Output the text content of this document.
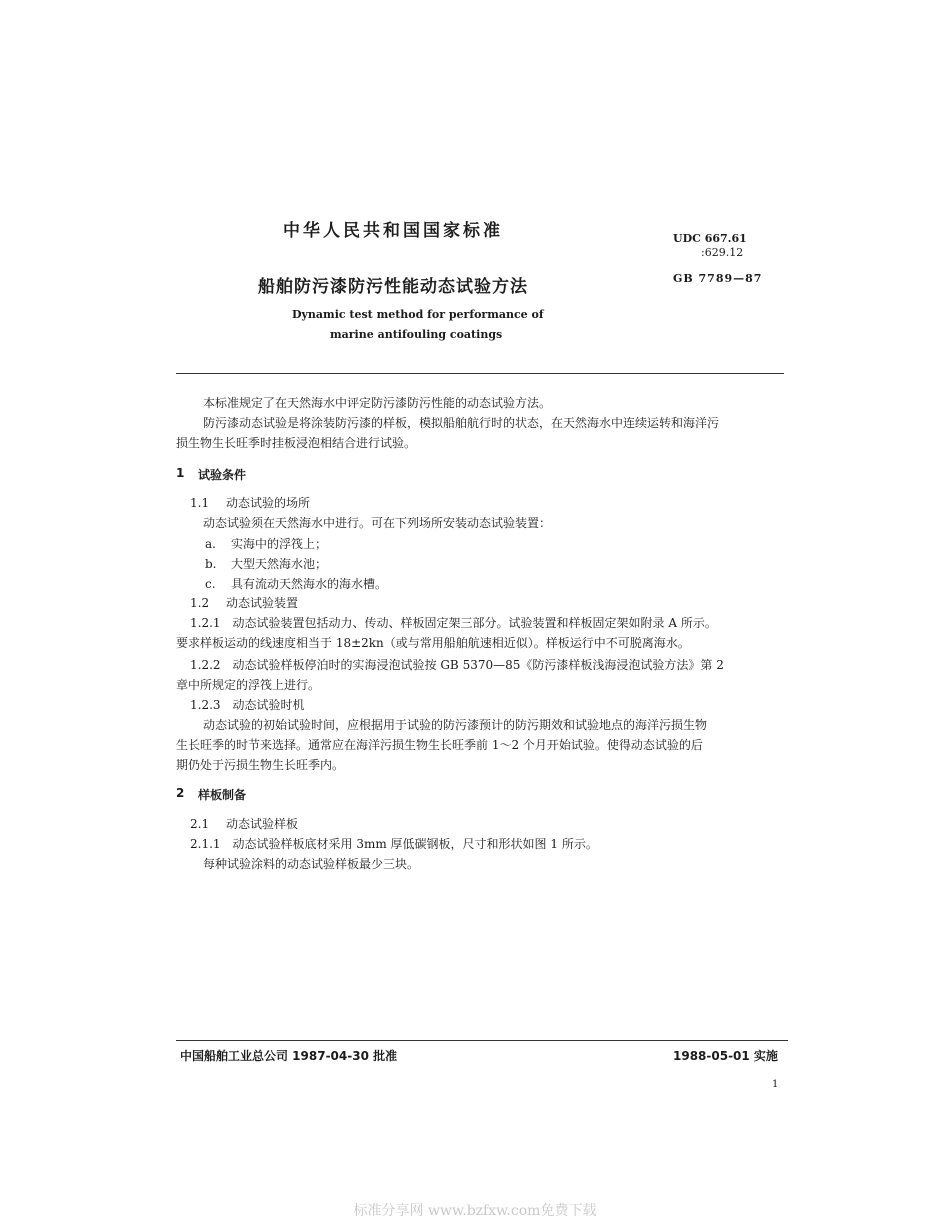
中华人民共和国国家标准
船舶防污漆防污性能动态试验方法
Dynamic test method for performance of
marine antifouling coatings
UDC 667.61
:629.12
GB 7789—87
本标准规定了在天然海水中评定防污漆防污性能的动态试验方法。
防污漆动态试验是将涂装防污漆的样板，模拟船舶航行时的状态，在天然海水中连续运转和海洋污
损生物生长旺季时挂板浸泡相结合进行试验。
1 试验条件
1.1 动态试验的场所
动态试验须在天然海水中进行。可在下列场所安装动态试验装置：
a. 实海中的浮筏上；
b. 大型天然海水池；
c. 具有流动天然海水的海水槽。
1.2 动态试验装置
1.2.1　动态试验装置包括动力、传动、样板固定架三部分。试验装置和样板固定架如附录 A 所示。
要求样板运动的线速度相当于 18±2kn（或与常用船舶航速相近似）。样板运行中不可脱离海水。
1.2.2　动态试验样板停泊时的实海浸泡试验按 GB 5370—85《防污漆样板浅海浸泡试验方法》第 2
章中所规定的浮筏上进行。
1.2.3　动态试验时机
动态试验的初始试验时间，应根据用于试验的防污漆预计的防污期效和试验地点的海洋污损生物
生长旺季的时节来选择。通常应在海洋污损生物生长旺季前 1～2 个月开始试验。使得动态试验的后
期仍处于污损生物生长旺季内。
2 样板制备
2.1 动态试验样板
2.1.1　动态试验样板底材采用 3mm 厚低碳钢板，尺寸和形状如图 1 所示。
每种试验涂料的动态试验样板最少三块。
中国船舶工业总公司 1987-04-30 批准	1988-05-01 实施
1
标准分享网 www.bzfxw.com免费下载
